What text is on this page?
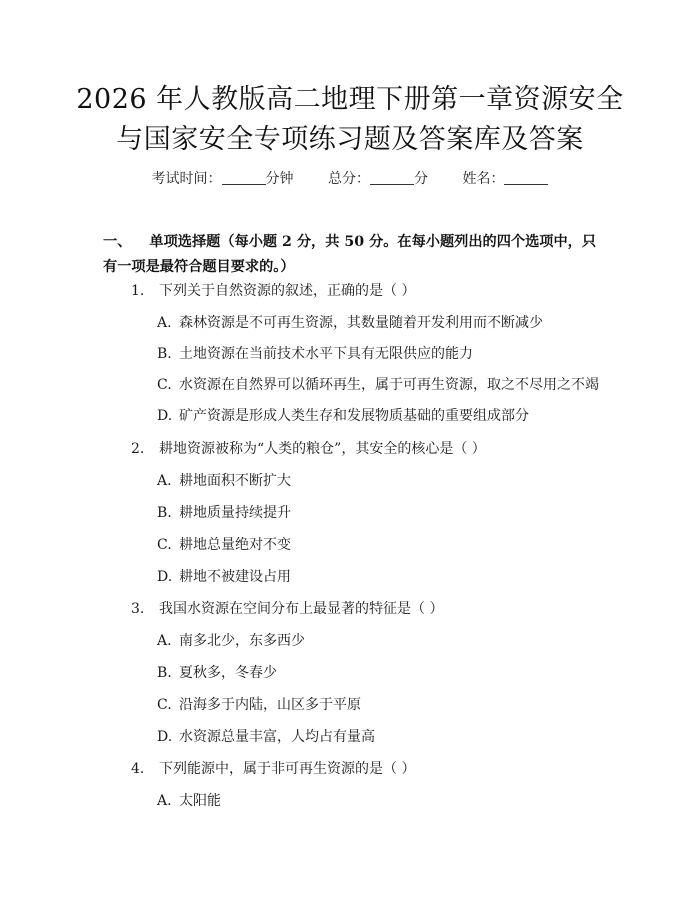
2026 年人教版高二地理下册第一章资源安全
与国家安全专项练习题及答案库及答案
考试时间：	分钟 总分：	分 姓名：
一、 单项选择题（每小题 2 分，共 50 分。在每小题列出的四个选项中，只有一项是最符合题目要求的。）
1. 下列关于自然资源的叙述，正确的是（ ）
A. 森林资源是不可再生资源，其数量随着开发利用而不断减少
B. 土地资源在当前技术水平下具有无限供应的能力
C. 水资源在自然界可以循环再生，属于可再生资源，取之不尽用之不竭
D. 矿产资源是形成人类生存和发展物质基础的重要组成部分
2. 耕地资源被称为“人类的粮仓”，其安全的核心是（ ）
A. 耕地面积不断扩大
B. 耕地质量持续提升
C. 耕地总量绝对不变
D. 耕地不被建设占用
3. 我国水资源在空间分布上最显著的特征是（ ）
A. 南多北少，东多西少
B. 夏秋多，冬春少
C. 沿海多于内陆，山区多于平原
D. 水资源总量丰富，人均占有量高
4. 下列能源中，属于非可再生资源的是（ ）
A. 太阳能
